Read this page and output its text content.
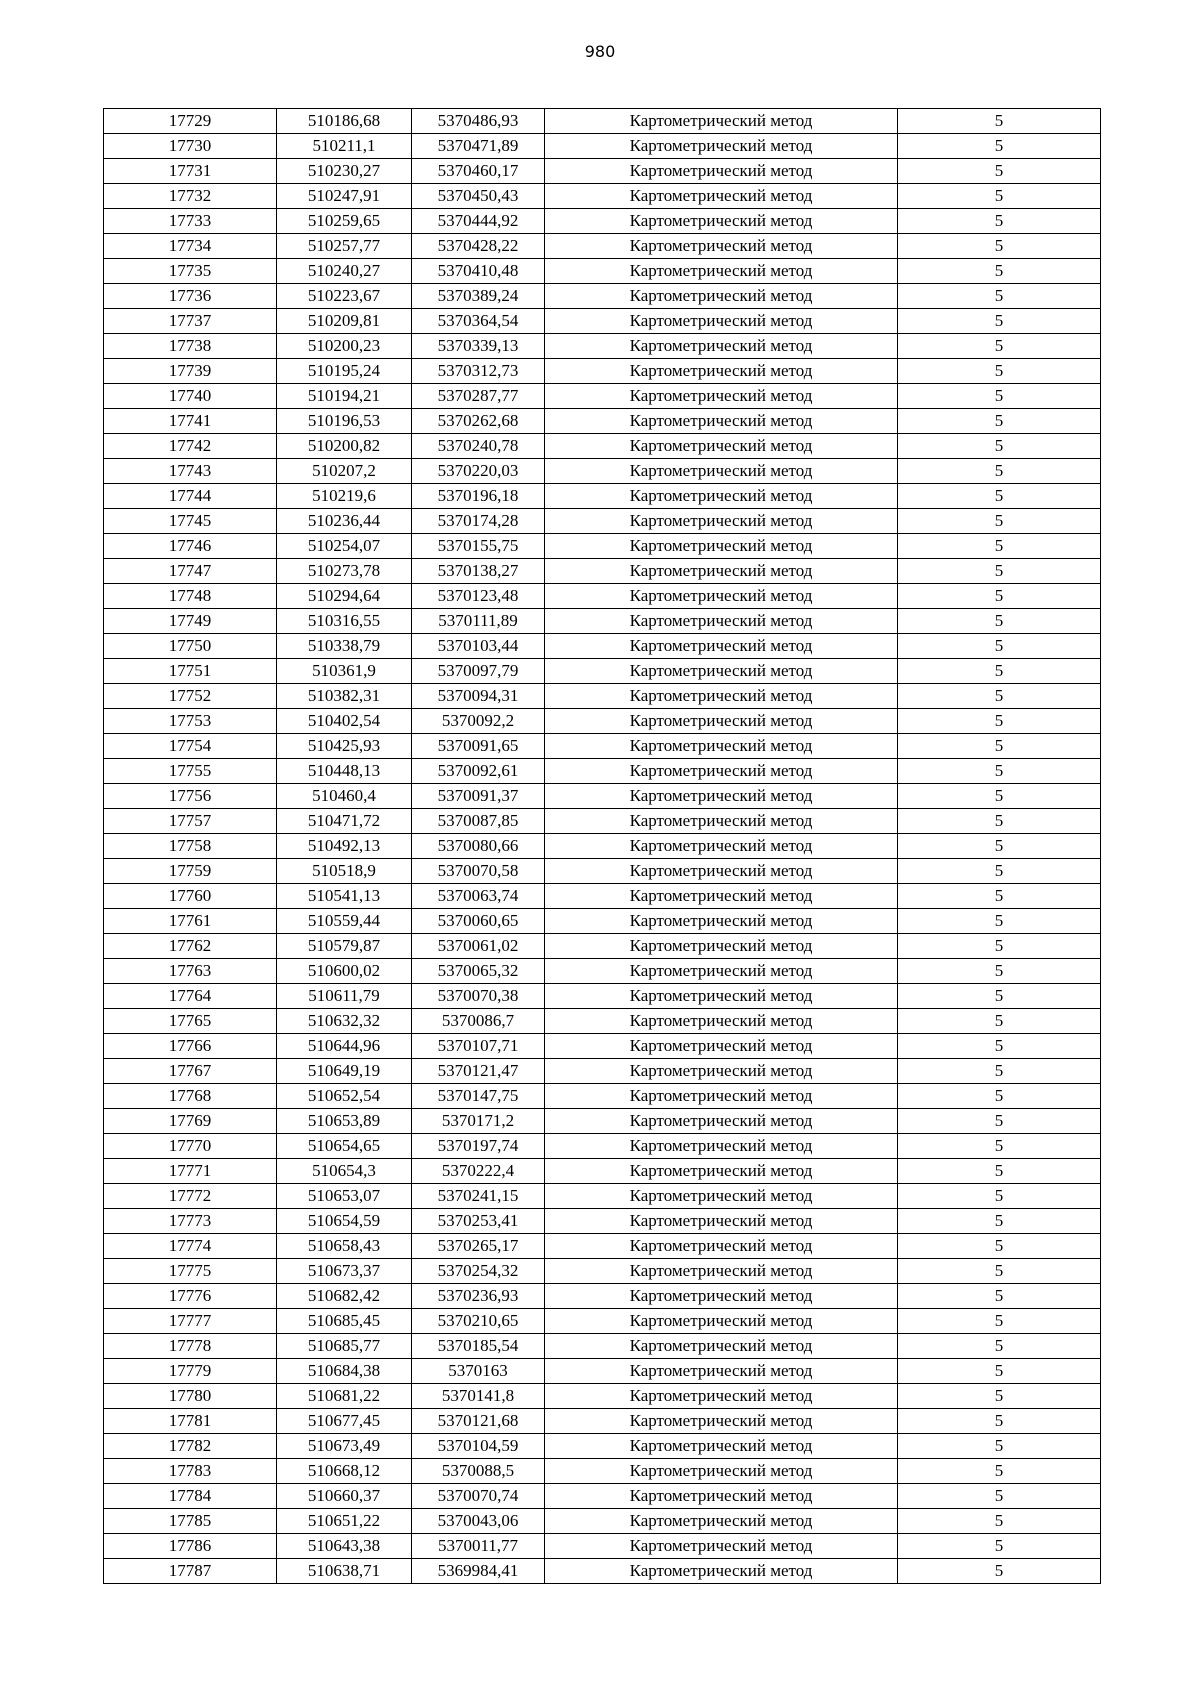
980
17729	510186,68	5370486,93	Картометрический метод	5
17730	510211,1	5370471,89	Картометрический метод	5
17731	510230,27	5370460,17	Картометрический метод	5
17732	510247,91	5370450,43	Картометрический метод	5
17733	510259,65	5370444,92	Картометрический метод	5
17734	510257,77	5370428,22	Картометрический метод	5
17735	510240,27	5370410,48	Картометрический метод	5
17736	510223,67	5370389,24	Картометрический метод	5
17737	510209,81	5370364,54	Картометрический метод	5
17738	510200,23	5370339,13	Картометрический метод	5
17739	510195,24	5370312,73	Картометрический метод	5
17740	510194,21	5370287,77	Картометрический метод	5
17741	510196,53	5370262,68	Картометрический метод	5
17742	510200,82	5370240,78	Картометрический метод	5
17743	510207,2	5370220,03	Картометрический метод	5
17744	510219,6	5370196,18	Картометрический метод	5
17745	510236,44	5370174,28	Картометрический метод	5
17746	510254,07	5370155,75	Картометрический метод	5
17747	510273,78	5370138,27	Картометрический метод	5
17748	510294,64	5370123,48	Картометрический метод	5
17749	510316,55	5370111,89	Картометрический метод	5
17750	510338,79	5370103,44	Картометрический метод	5
17751	510361,9	5370097,79	Картометрический метод	5
17752	510382,31	5370094,31	Картометрический метод	5
17753	510402,54	5370092,2	Картометрический метод	5
17754	510425,93	5370091,65	Картометрический метод	5
17755	510448,13	5370092,61	Картометрический метод	5
17756	510460,4	5370091,37	Картометрический метод	5
17757	510471,72	5370087,85	Картометрический метод	5
17758	510492,13	5370080,66	Картометрический метод	5
17759	510518,9	5370070,58	Картометрический метод	5
17760	510541,13	5370063,74	Картометрический метод	5
17761	510559,44	5370060,65	Картометрический метод	5
17762	510579,87	5370061,02	Картометрический метод	5
17763	510600,02	5370065,32	Картометрический метод	5
17764	510611,79	5370070,38	Картометрический метод	5
17765	510632,32	5370086,7	Картометрический метод	5
17766	510644,96	5370107,71	Картометрический метод	5
17767	510649,19	5370121,47	Картометрический метод	5
17768	510652,54	5370147,75	Картометрический метод	5
17769	510653,89	5370171,2	Картометрический метод	5
17770	510654,65	5370197,74	Картометрический метод	5
17771	510654,3	5370222,4	Картометрический метод	5
17772	510653,07	5370241,15	Картометрический метод	5
17773	510654,59	5370253,41	Картометрический метод	5
17774	510658,43	5370265,17	Картометрический метод	5
17775	510673,37	5370254,32	Картометрический метод	5
17776	510682,42	5370236,93	Картометрический метод	5
17777	510685,45	5370210,65	Картометрический метод	5
17778	510685,77	5370185,54	Картометрический метод	5
17779	510684,38	5370163	Картометрический метод	5
17780	510681,22	5370141,8	Картометрический метод	5
17781	510677,45	5370121,68	Картометрический метод	5
17782	510673,49	5370104,59	Картометрический метод	5
17783	510668,12	5370088,5	Картометрический метод	5
17784	510660,37	5370070,74	Картометрический метод	5
17785	510651,22	5370043,06	Картометрический метод	5
17786	510643,38	5370011,77	Картометрический метод	5
17787	510638,71	5369984,41	Картометрический метод	5
